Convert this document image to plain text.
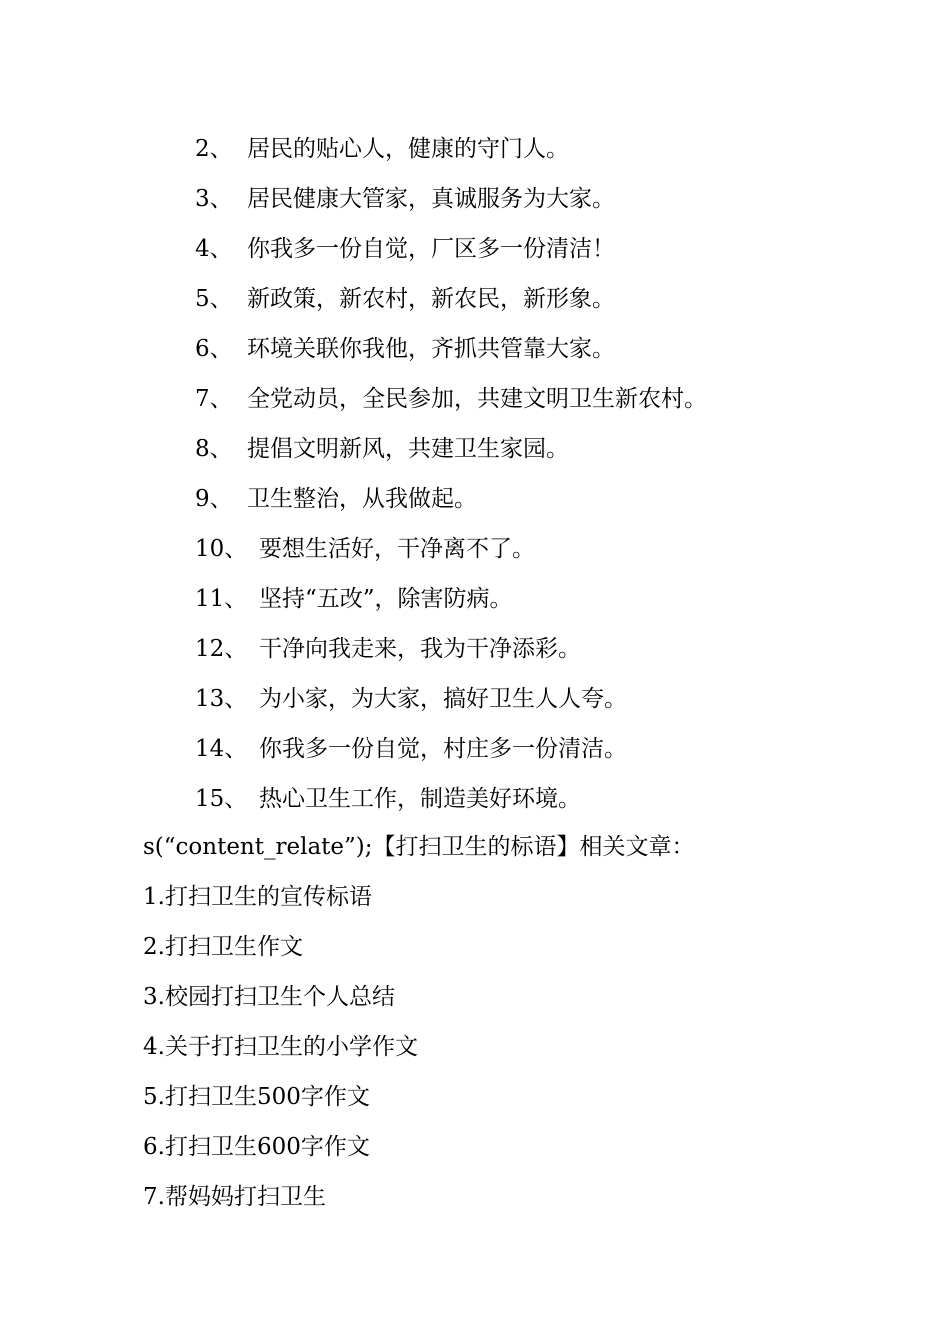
2、 居民的贴心人，健康的守门人。
3、 居民健康大管家，真诚服务为大家。
4、 你我多一份自觉，厂区多一份清洁！
5、 新政策，新农村，新农民，新形象。
6、 环境关联你我他，齐抓共管靠大家。
7、 全党动员，全民参加，共建文明卫生新农村。
8、 提倡文明新风，共建卫生家园。
9、 卫生整治，从我做起。
10、 要想生活好，干净离不了。
11、 坚持“五改”，除害防病。
12、 干净向我走来，我为干净添彩。
13、 为小家，为大家，搞好卫生人人夸。
14、 你我多一份自觉，村庄多一份清洁。
15、 热心卫生工作，制造美好环境。
s(“content_relate”);【打扫卫生的标语】相关文章：
1.打扫卫生的宣传标语
2.打扫卫生作文
3.校园打扫卫生个人总结
4.关于打扫卫生的小学作文
5.打扫卫生500字作文
6.打扫卫生600字作文
7.帮妈妈打扫卫生
